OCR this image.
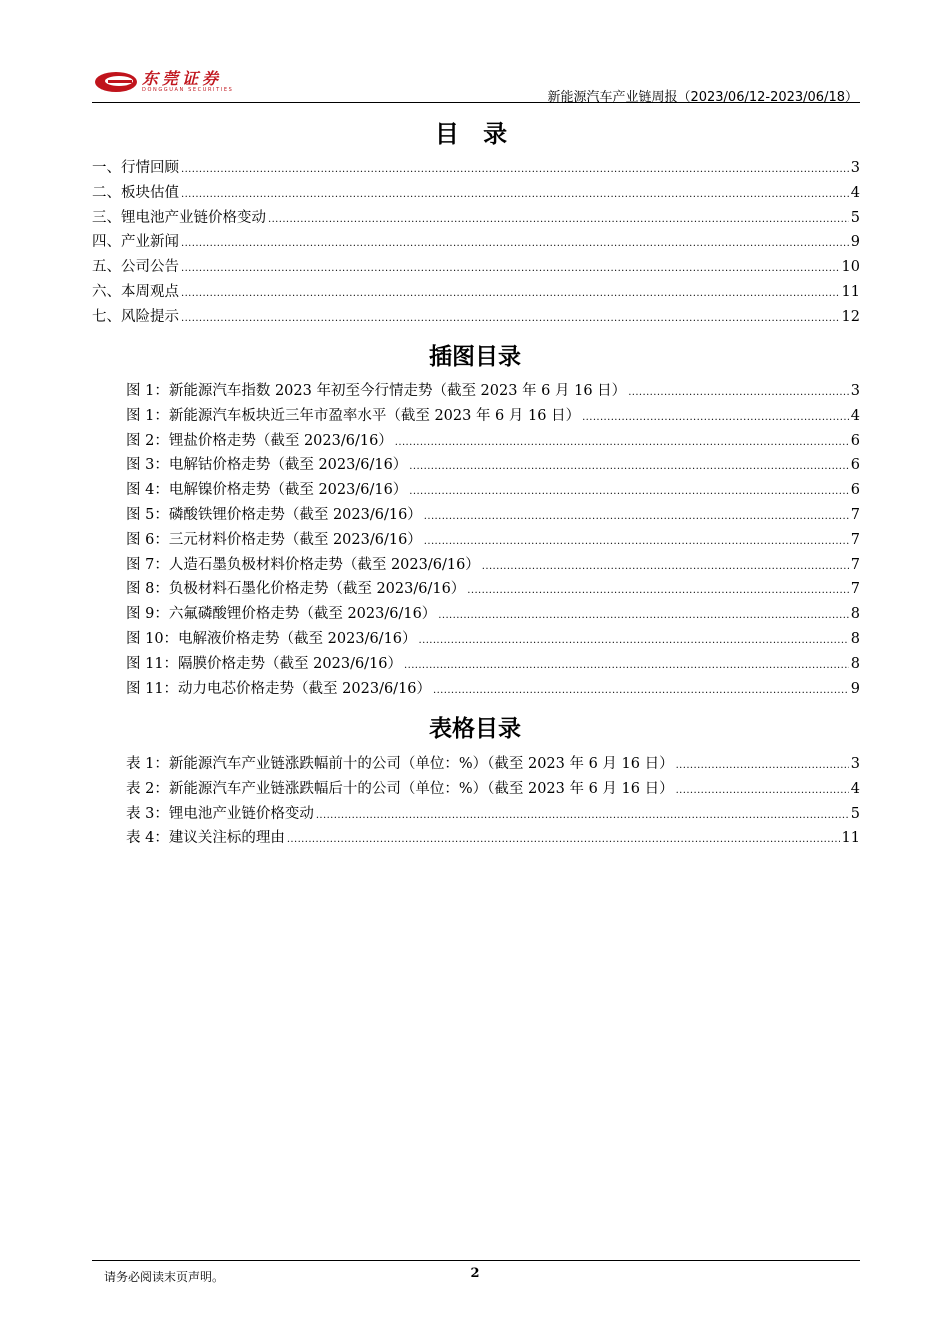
东莞证券
DONGGUAN SECURITIES
新能源汽车产业链周报（2023/06/12-2023/06/18）
目 录
一、行情回顾 .....	3
二、板块估值 .....	4
三、锂电池产业链价格变动 .....	5
四、产业新闻 .....	9
五、公司公告 .....	10
六、本周观点 .....	11
七、风险提示 .....	12
插图目录
图 1：新能源汽车指数 2023 年初至今行情走势（截至 2023 年 6 月 16 日） .....	3
图 1：新能源汽车板块近三年市盈率水平（截至 2023 年 6 月 16 日） .....	4
图 2：锂盐价格走势（截至 2023/6/16） .....	6
图 3：电解钴价格走势（截至 2023/6/16） .....	6
图 4：电解镍价格走势（截至 2023/6/16） .....	6
图 5：磷酸铁锂价格走势（截至 2023/6/16） .....	7
图 6：三元材料价格走势（截至 2023/6/16） .....	7
图 7：人造石墨负极材料价格走势（截至 2023/6/16） .....	7
图 8：负极材料石墨化价格走势（截至 2023/6/16） .....	7
图 9：六氟磷酸锂价格走势（截至 2023/6/16） .....	8
图 10：电解液价格走势（截至 2023/6/16） .....	8
图 11：隔膜价格走势（截至 2023/6/16） .....	8
图 11：动力电芯价格走势（截至 2023/6/16） .....	9
表格目录
表 1：新能源汽车产业链涨跌幅前十的公司（单位：%）（截至 2023 年 6 月 16 日） .....	3
表 2：新能源汽车产业链涨跌幅后十的公司（单位：%）（截至 2023 年 6 月 16 日） .....	4
表 3：锂电池产业链价格变动 .....	5
表 4：建议关注标的理由 .....	11
请务必阅读末页声明。	2
